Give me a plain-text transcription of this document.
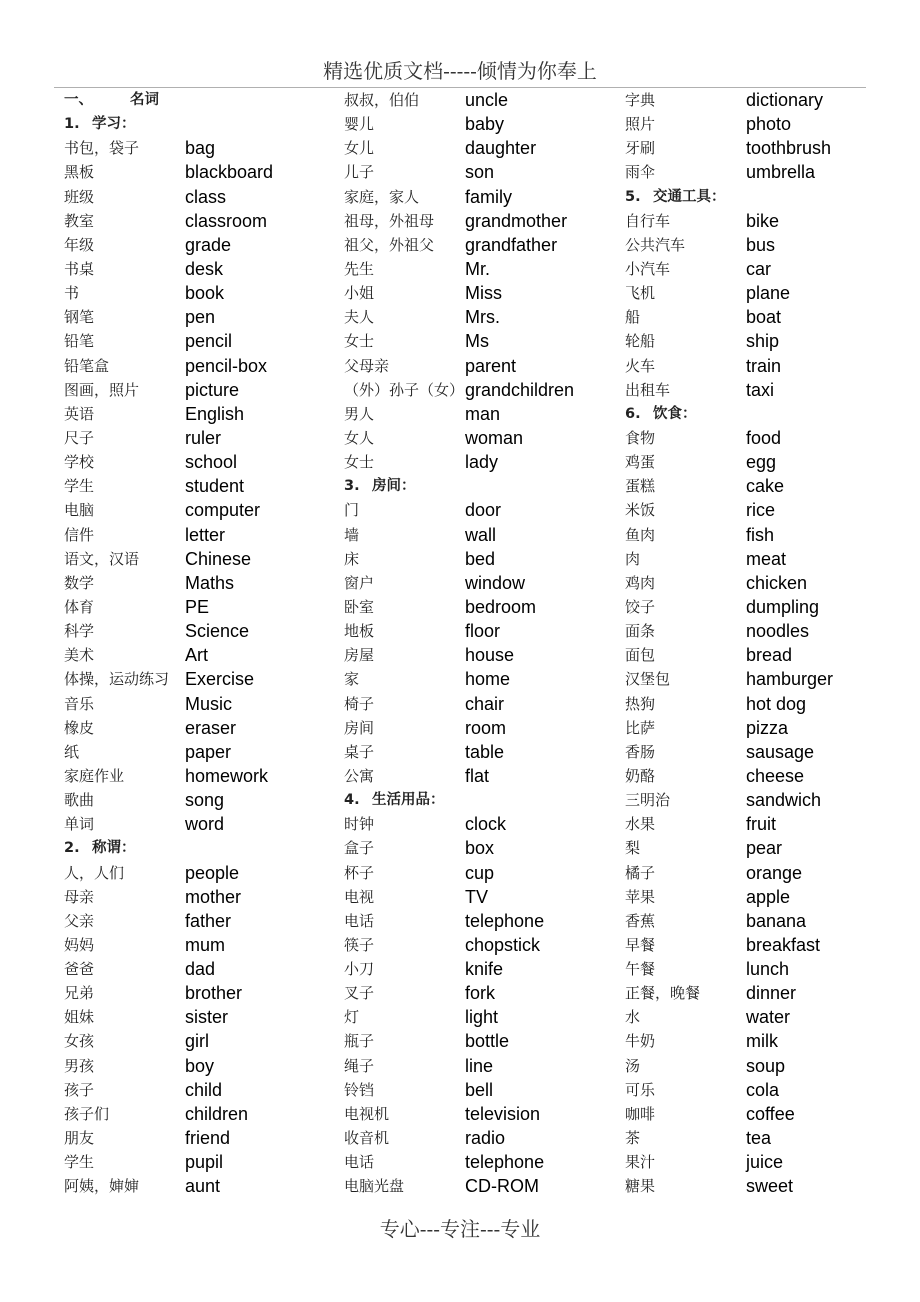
精选优质文档-----倾情为你奉上
一、	名词
1. 学习：
书包，袋子	bag
黑板	blackboard
班级	class
教室	classroom
年级	grade
书桌	desk
书	book
钢笔	pen
铅笔	pencil
铅笔盒	pencil-box
图画，照片	picture
英语	English
尺子	ruler
学校	school
学生	student
电脑	computer
信件	letter
语文，汉语	Chinese
数学	Maths
体育	PE
科学	Science
美术	Art
体操，运动练习 Exercise
音乐	Music
橡皮	eraser
纸	paper
家庭作业	homework
歌曲	song
单词	word
2. 称谓：
人，人们	people
母亲	mother
父亲	father
妈妈	mum
爸爸	dad
兄弟	brother
姐妹	sister
女孩	girl
男孩	boy
孩子	child
孩子们	children
朋友	friend
学生	pupil
阿姨，婶婶	aunt
叔叔，伯伯	uncle
婴儿	baby
女儿	daughter
儿子	son
家庭，家人	family
祖母，外祖母 grandmother
祖父，外祖父 grandfather
先生	Mr.
小姐	Miss
夫人	Mrs.
女士	Ms
父母亲	parent
（外）孙子（女） grandchildren
男人	man
女人	woman
女士	lady
3. 房间：
门	door
墙	wall
床	bed
窗户	window
卧室	bedroom
地板	floor
房屋	house
家	home
椅子	chair
房间	room
桌子	table
公寓	flat
4. 生活用品：
时钟	clock
盒子	box
杯子	cup
电视	TV
电话	telephone
筷子	chopstick
小刀	knife
叉子	fork
灯	light
瓶子	bottle
绳子	line
铃铛	bell
电视机	television
收音机	radio
电话	telephone
电脑光盘	CD-ROM
字典	dictionary
照片	photo
牙刷	toothbrush
雨伞	umbrella
5. 交通工具：
自行车	bike
公共汽车	bus
小汽车	car
飞机	plane
船	boat
轮船	ship
火车	train
出租车	taxi
6. 饮食：
食物	food
鸡蛋	egg
蛋糕	cake
米饭	rice
鱼肉	fish
肉	meat
鸡肉	chicken
饺子	dumpling
面条	noodles
面包	bread
汉堡包	hamburger
热狗	hot dog
比萨	pizza
香肠	sausage
奶酪	cheese
三明治	sandwich
水果	fruit
梨	pear
橘子	orange
苹果	apple
香蕉	banana
早餐	breakfast
午餐	lunch
正餐，晚餐	dinner
水	water
牛奶	milk
汤	soup
可乐	cola
咖啡	coffee
茶	tea
果汁	juice
糖果	sweet
专心---专注---专业
